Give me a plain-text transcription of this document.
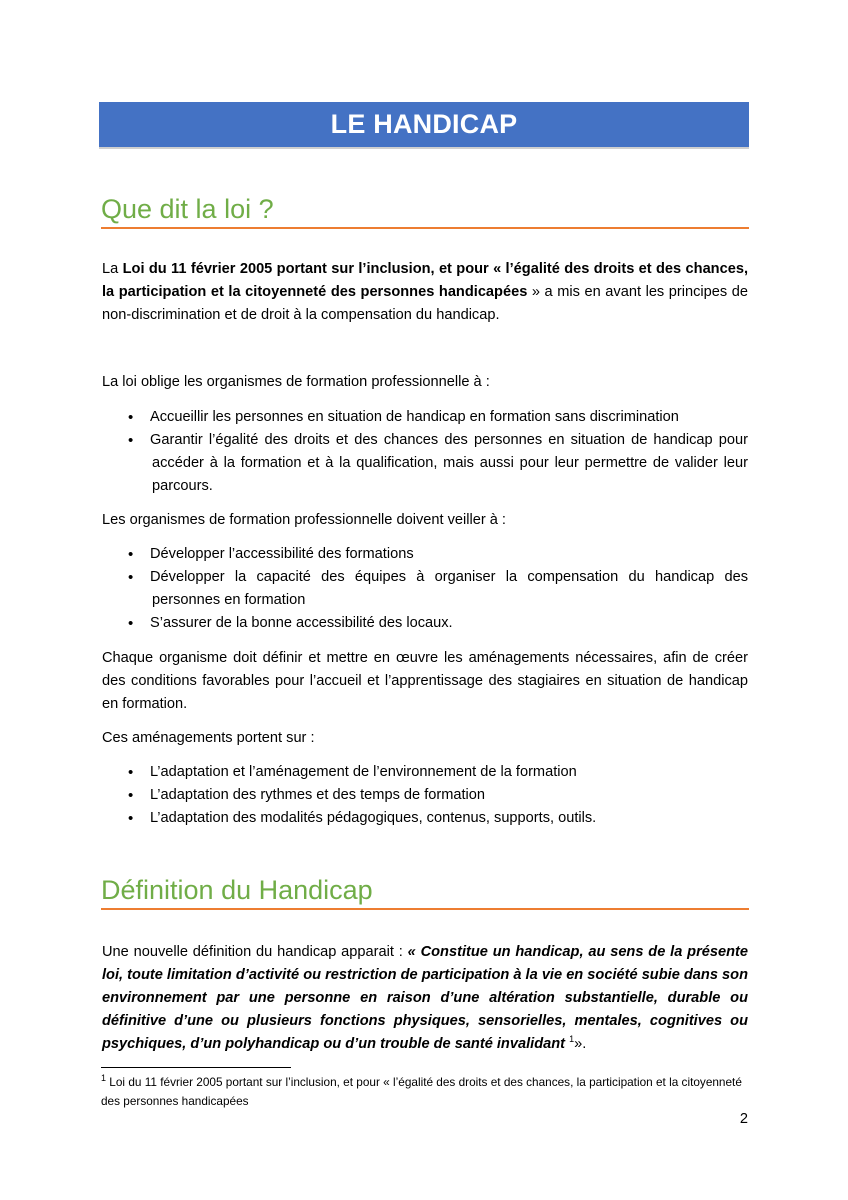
LE HANDICAP
Que dit la loi ?
La Loi du 11 février 2005 portant sur l’inclusion, et pour « l’égalité des droits et des chances, la participation et la citoyenneté des personnes handicapées » a mis en avant les principes de non-discrimination et de droit à la compensation du handicap.
La loi oblige les organismes de formation professionnelle à :
• Accueillir les personnes en situation de handicap en formation sans discrimination
• Garantir l’égalité des droits et des chances des personnes en situation de handicap pour accéder à la formation et à la qualification, mais aussi pour leur permettre de valider leur parcours.
Les organismes de formation professionnelle doivent veiller à :
• Développer l’accessibilité des formations
• Développer la capacité des équipes à organiser la compensation du handicap des personnes en formation
• S’assurer de la bonne accessibilité des locaux.
Chaque organisme doit définir et mettre en œuvre les aménagements nécessaires, afin de créer des conditions favorables pour l’accueil et l’apprentissage des stagiaires en situation de handicap en formation.
Ces aménagements portent sur :
• L’adaptation et l’aménagement de l’environnement de la formation
• L’adaptation des rythmes et des temps de formation
• L’adaptation des modalités pédagogiques, contenus, supports, outils.
Définition du Handicap
Une nouvelle définition du handicap apparait : « Constitue un handicap, au sens de la présente loi, toute limitation d’activité ou restriction de participation à la vie en société subie dans son environnement par une personne en raison d’une altération substantielle, durable ou définitive d’une ou plusieurs fonctions physiques, sensorielles, mentales, cognitives ou psychiques, d’un polyhandicap ou d’un trouble de santé invalidant $^1$».
$^1$ Loi du 11 février 2005 portant sur l’inclusion, et pour « l’égalité des droits et des chances, la participation et la citoyenneté des personnes handicapées
2
